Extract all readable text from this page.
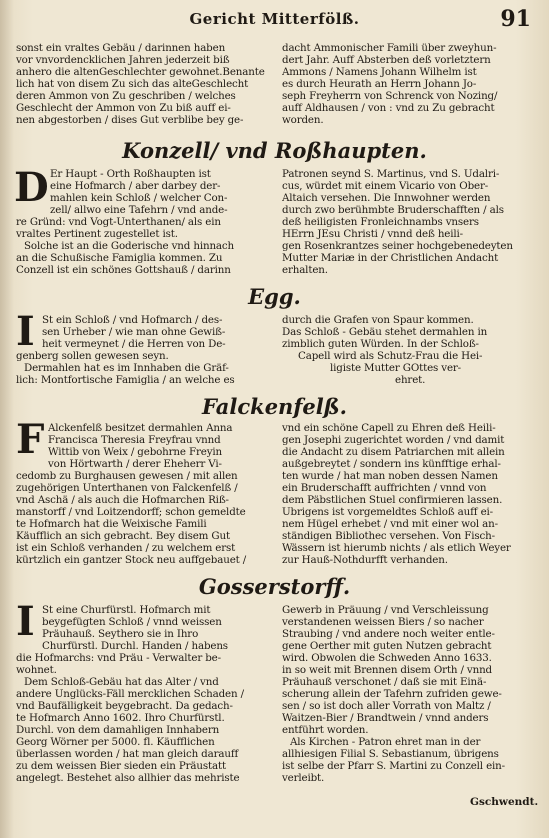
Gericht Mitterfölß.	91
sonst ein vraltes Gebäu / darinnen haben
vor vnvordencklichen Jahren jederzeit biß
anhero die altenGeschlechter gewohnet.Benante
lich hat von disem Zu sich das alteGeschlecht
deren Ammon von Zu geschriben / welches
Geschlecht der Ammon von Zu biß auff ei-
nen abgestorben / dises Gut verblibe bey ge-
dacht Ammonischer Famili über zweyhun-
dert Jahr. Auff Absterben deß vorletztern
Ammons / Namens Johann Wilhelm ist
es durch Heurath an Herrn Johann Jo-
seph Freyherrn von Schrenck von Nozing/
auff Aldhausen / von : vnd zu Zu gebracht
worden.
Konzell/ vnd Roßhaupten.
D Er Haupt - Orth Roßhaupten ist
eine Hofmarch / aber darbey der-
mahlen kein Schloß / welcher Con-
zell/ allwo eine Tafehrn / vnd ande-
re Gründ: vnd Vogt-Unterthanen/ als ein
vraltes Pertinent zugestellet ist.
Solche ist an die Goderische vnd hinnach
an die Schußische Famiglia kommen. Zu
Conzell ist ein schönes Gottshauß / darinn
Patronen seynd S. Martinus, vnd S. Udalri-
cus, würdet mit einem Vicario von Ober-
Altaich versehen. Die Innwohner werden
durch zwo berühmbte Bruderschafften / als
deß heiligisten Fronleichnambs vnsers
HErrn JEsu Christi / vnnd deß heili-
gen Rosenkrantzes seiner hochgebenedeyten
Mutter Mariæ in der Christlichen Andacht
erhalten.
Egg.
I St ein Schloß / vnd Hofmarch / des-
sen Urheber / wie man ohne Gewiß-
heit vermeynet / die Herren von De-
genberg sollen gewesen seyn.
Dermahlen hat es im Innhaben die Gräf-
lich: Montfortische Famiglia / an welche es
durch die Grafen von Spaur kommen.
Das Schloß - Gebäu stehet dermahlen in
zimblich guten Würden. In der Schloß-
Capell wird als Schutz-Frau die Hei-
ligiste Mutter GOttes ver-
ehret.
Falckenfelß.
F Alckenfelß besitzet dermahlen Anna
Francisca Theresia Freyfrau vnnd
Wittib von Weix / gebohrne Freyin
von Hörtwarth / derer Eheherr Vi-
cedomb zu Burghausen gewesen / mit allen
zugehörigen Unterthanen von Falckenfelß /
vnd Aschä / als auch die Hofmarchen Riß-
manstorff / vnd Loitzendorff; schon gemeldte
te Hofmarch hat die Weixische Famili
Käufflich an sich gebracht. Bey disem Gut
ist ein Schloß verhanden / zu welchem erst
kürtzlich ein gantzer Stock neu auffgebauet /
vnd ein schöne Capell zu Ehren deß Heili-
gen Josephi zugerichtet worden / vnd damit
die Andacht zu disem Patriarchen mit allein
außgebreytet / sondern ins künfftige erhal-
ten wurde / hat man noben dessen Namen
ein Bruderschafft auffrichten / vnnd von
dem Päbstlichen Stuel confirmieren lassen.
Ubrigens ist vorgemeldtes Schloß auff ei-
nem Hügel erhebet / vnd mit einer wol an-
ständigen Bibliothec versehen. Von Fisch-
Wässern ist hierumb nichts / als etlich Weyer
zur Hauß-Nothdurfft verhanden.
Gosserstorff.
I St eine Churfürstl. Hofmarch mit
beygefügten Schloß / vnnd weissen
Präuhauß. Seythero sie in Ihro
Churfürstl. Durchl. Handen / habens
die Hofmarchs: vnd Präu - Verwalter be-
wohnet.
Dem Schloß-Gebäu hat das Alter / vnd
andere Unglücks-Fäll mercklichen Schaden /
vnd Baufälligkeit beygebracht. Da gedach-
te Hofmarch Anno 1602. Ihro Churfürstl.
Durchl. von dem damahligen Innhabern
Georg Wörner per 5000. fl. Käufflichen
überlassen worden / hat man gleich darauff
zu dem weissen Bier sieden ein Präustatt
angelegt. Bestehet also allhier das mehriste
Gewerb in Präuung / vnd Verschleissung
verstandenen weissen Biers / so nacher
Straubing / vnd andere noch weiter entle-
gene Oerther mit guten Nutzen gebracht
wird. Obwolen die Schweden Anno 1633.
in so weit mit Brennen disem Orth / vnnd
Präuhauß verschonet / daß sie mit Einä-
scherung allein der Tafehrn zufriden gewe-
sen / so ist doch aller Vorrath von Maltz /
Waitzen-Bier / Brandtwein / vnnd anders
entführt worden.
Als Kirchen - Patron ehret man in der
allhiesigen Filial S. Sebastianum, übrigens
ist selbe der Pfarr S. Martini zu Conzell ein-
verleibt.
Gschwendt.
